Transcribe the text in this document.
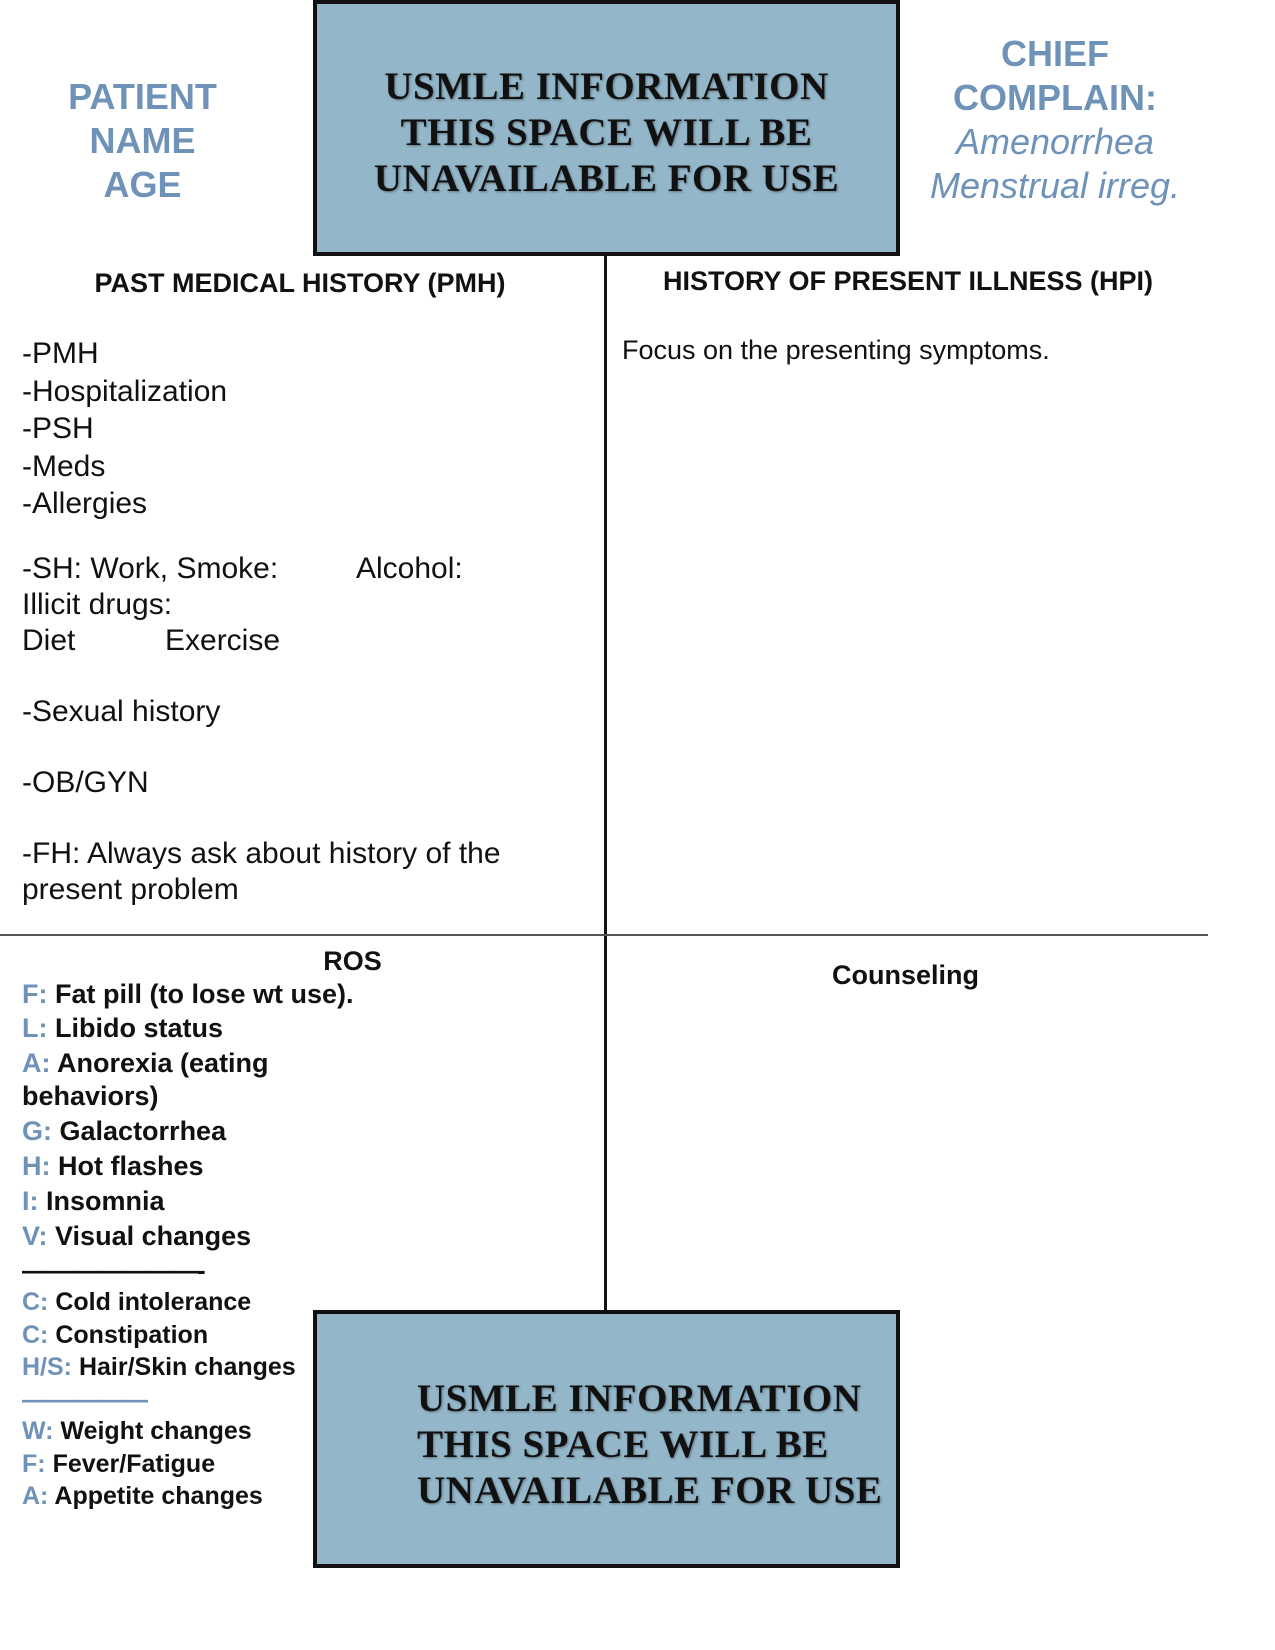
USMLE INFORMATION
THIS SPACE WILL BE
UNAVAILABLE FOR USE
PATIENT
NAME
AGE
CHIEF
COMPLAIN:
Amenorrhea
Menstrual irreg.
PAST MEDICAL HISTORY (PMH)
-PMH
-Hospitalization
-PSH
-Meds
-Allergies
-SH: Work, Smoke:	Alcohol:
Illicit drugs:
Diet	Exercise
-Sexual history
-OB/GYN
-FH: Always ask about history of the
present problem
HISTORY OF PRESENT ILLNESS (HPI)
Focus on the presenting symptoms.
ROS
F: Fat pill (to lose wt use).
L: Libido status
A: Anorexia (eating
behaviors)
G: Galactorrhea
H: Hot flashes
I: Insomnia
V: Visual changes
———————-
C: Cold intolerance
C: Constipation
H/S: Hair/Skin changes
—————
W: Weight changes
F: Fever/Fatigue
A: Appetite changes
Counseling
USMLE INFORMATION
THIS SPACE WILL BE
UNAVAILABLE FOR USE
